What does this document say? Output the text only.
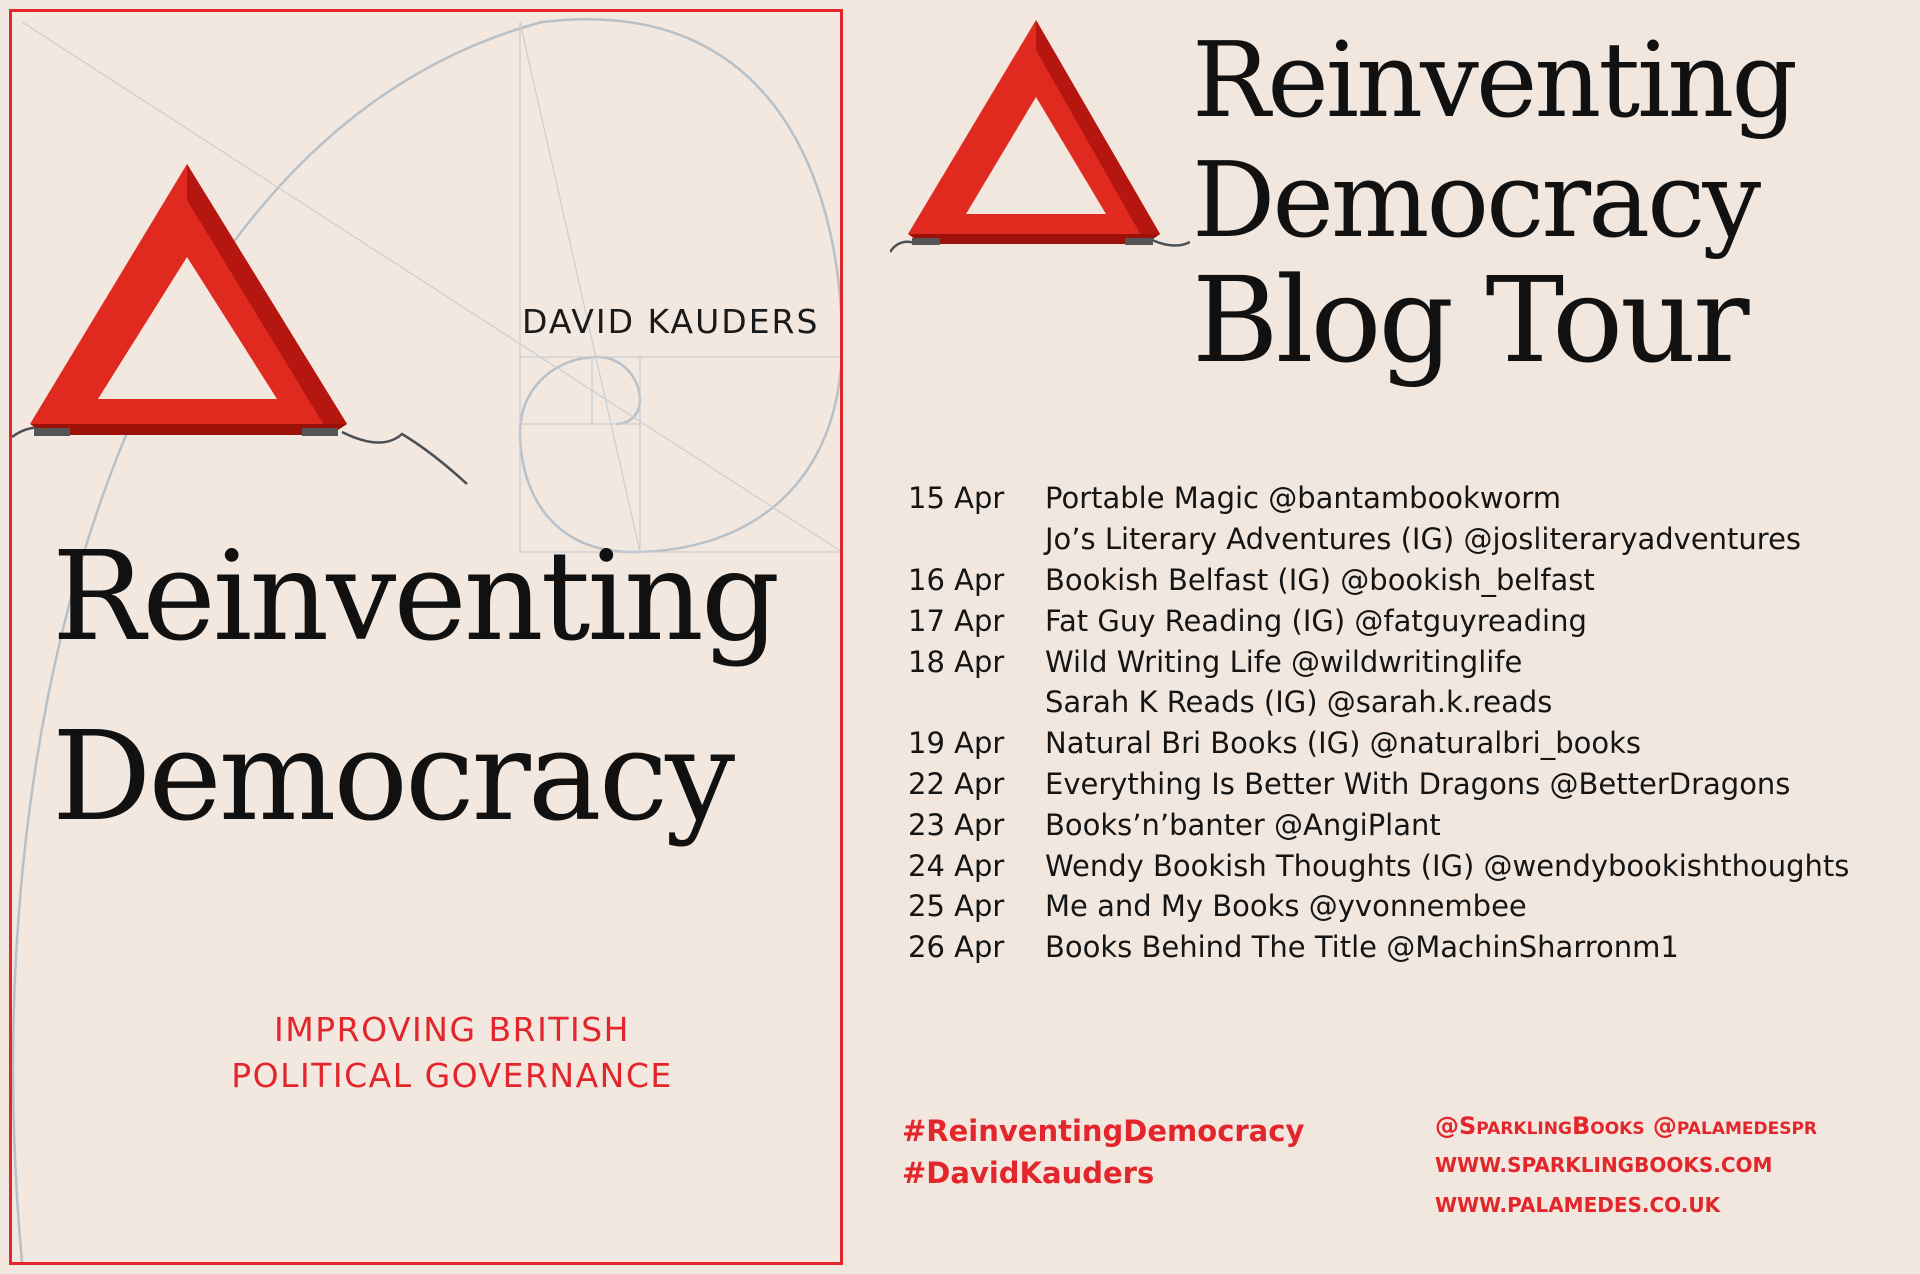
DAVID KAUDERS
Reinventing
Democracy
IMPROVING BRITISH
POLITICAL GOVERNANCE
Reinventing
Democracy
Blog Tour
15 Apr	Portable Magic @bantambookworm
Jo’s Literary Adventures (IG) @josliteraryadventures
16 Apr	Bookish Belfast (IG) @bookish_belfast
17 Apr	Fat Guy Reading (IG) @fatguyreading
18 Apr	Wild Writing Life @wildwritinglife
Sarah K Reads (IG) @sarah.k.reads
19 Apr	Natural Bri Books (IG) @naturalbri_books
22 Apr	Everything Is Better With Dragons @BetterDragons
23 Apr	Books’n’banter @AngiPlant
24 Apr	Wendy Bookish Thoughts (IG) @wendybookishthoughts
25 Apr	Me and My Books @yvonnembee
26 Apr	Books Behind The Title @MachinSharronm1
#ReinventingDemocracy
#DavidKauders
@SparklingBooks @palamedespr
WWW.SPARKLINGBOOKS.COM
WWW.PALAMEDES.CO.UK
